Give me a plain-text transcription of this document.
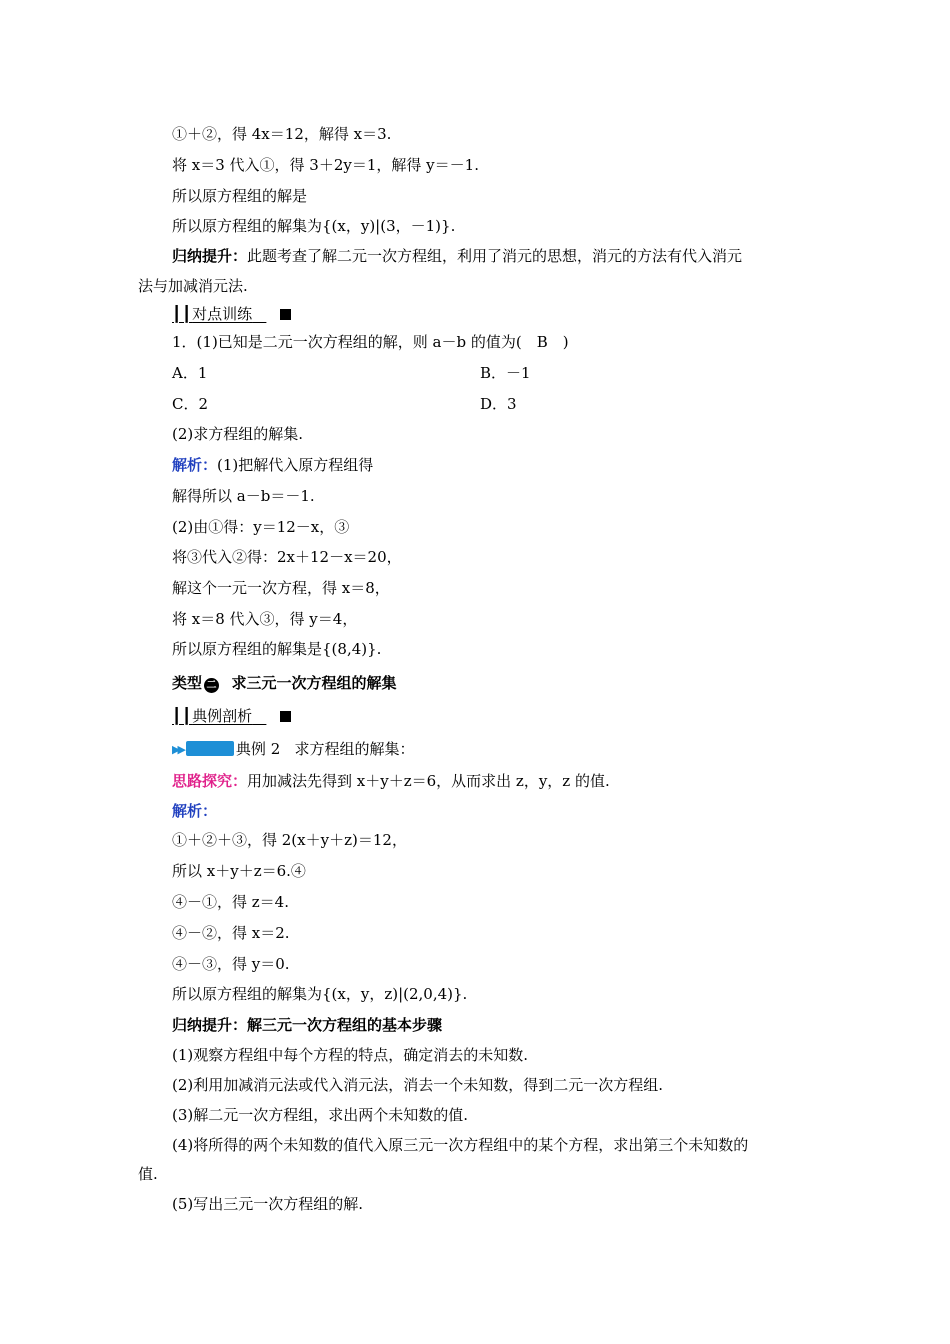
①＋②，得 4x＝12，解得 x＝3.
将 x＝3 代入①，得 3＋2y＝1，解得 y＝－1.
所以原方程组的解是
所以原方程组的解集为{(x，y)|(3，－1)}.
归纳提升：此题考查了解二元一次方程组，利用了消元的思想，消元的方法有代入消元
法与加减消元法.
┃┃对点训练
1．(1)已知是二元一次方程组的解，则 a－b 的值为(　B　)
A．1	B．－1
C．2	D．3
(2)求方程组的解集.
解析：(1)把解代入原方程组得
解得所以 a－b＝－1.
(2)由①得：y＝12－x，③
将③代入②得：2x＋12－x＝20，
解这个一元一次方程，得 x＝8，
将 x＝8 代入③，得 y＝4，
所以原方程组的解集是{(8,4)}.
类型 二 求三元一次方程组的解集
┃┃典例剖析
▶▶	典例 2 求方程组的解集：
思路探究：用加减法先得到 x＋y＋z＝6，从而求出 z，y，z 的值.
解析：
①＋②＋③，得 2(x＋y＋z)＝12，
所以 x＋y＋z＝6.④
④－①，得 z＝4.
④－②，得 x＝2.
④－③，得 y＝0.
所以原方程组的解集为{(x，y，z)|(2,0,4)}.
归纳提升：解三元一次方程组的基本步骤
(1)观察方程组中每个方程的特点，确定消去的未知数.
(2)利用加减消元法或代入消元法，消去一个未知数，得到二元一次方程组.
(3)解二元一次方程组，求出两个未知数的值.
(4)将所得的两个未知数的值代入原三元一次方程组中的某个方程，求出第三个未知数的
值.
(5)写出三元一次方程组的解.
